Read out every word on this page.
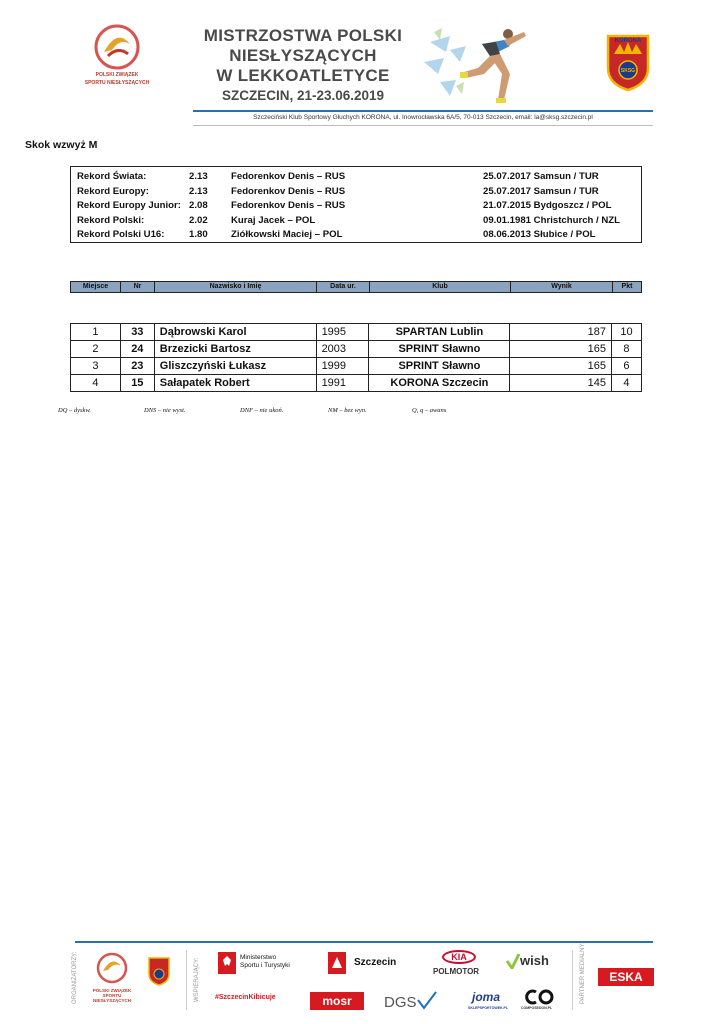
POLSKI ZWIĄZEK
SPORTU NIESŁYSZĄCYCH
MISTRZOSTWA POLSKI
NIESŁYSZĄCYCH
W LEKKOATLETYCE
SZCZECIN, 21-23.06.2019
KORONA
SKSG
Szczeciński Klub Sportowy Głuchych KORONA, ul. Inowrocławska 6A/5, 70-013 Szczecin, email: la@sksg.szczecin.pl
Skok wzwyż M
Rekord Świata:	2.13 Fedorenkov Denis – RUS	25.07.2017 Samsun / TUR
Rekord Europy:	2.13 Fedorenkov Denis – RUS	25.07.2017 Samsun / TUR
Rekord Europy Junior: 2.08 Fedorenkov Denis – RUS	21.07.2015 Bydgoszcz / POL
Rekord Polski:	2.02 Kuraj Jacek – POL	09.01.1981 Christchurch / NZL
Rekord Polski U16:	1.80 Ziółkowski Maciej – POL	08.06.2013 Słubice / POL
Miejsce	Nr	Nazwisko i Imię	Data ur.	Klub	Wynik	Pkt
1	33	Dąbrowski Karol	1995	SPARTAN Lublin	187	10
2	24	Brzezicki Bartosz	2003	SPRINT Sławno	165	8
3	23	Gliszczyński Łukasz	1999	SPRINT Sławno	165	6
4	15	Sałapatek Robert	1991	KORONA Szczecin	145	4
DQ – dyskw.	DNS – nie wyst.	DNF – nie ukoń.	NM – bez wyn.	Q, q – awans
ORGANIZATORZY:	POLSKI ZWIĄZEK
SPORTU NIESŁYSZĄCYCH	WSPIERAJĄCY:
Ministerstwo
Sportu i Turystyki
#SzczecinKibicuje
Szczecin
mosr	DGS
KIA
POLMOTOR
joma
SKLEPSPORTOWEK.PL
wish
COMPOSEDON.PL
PARTNER MEDIALNY:	ESKA
